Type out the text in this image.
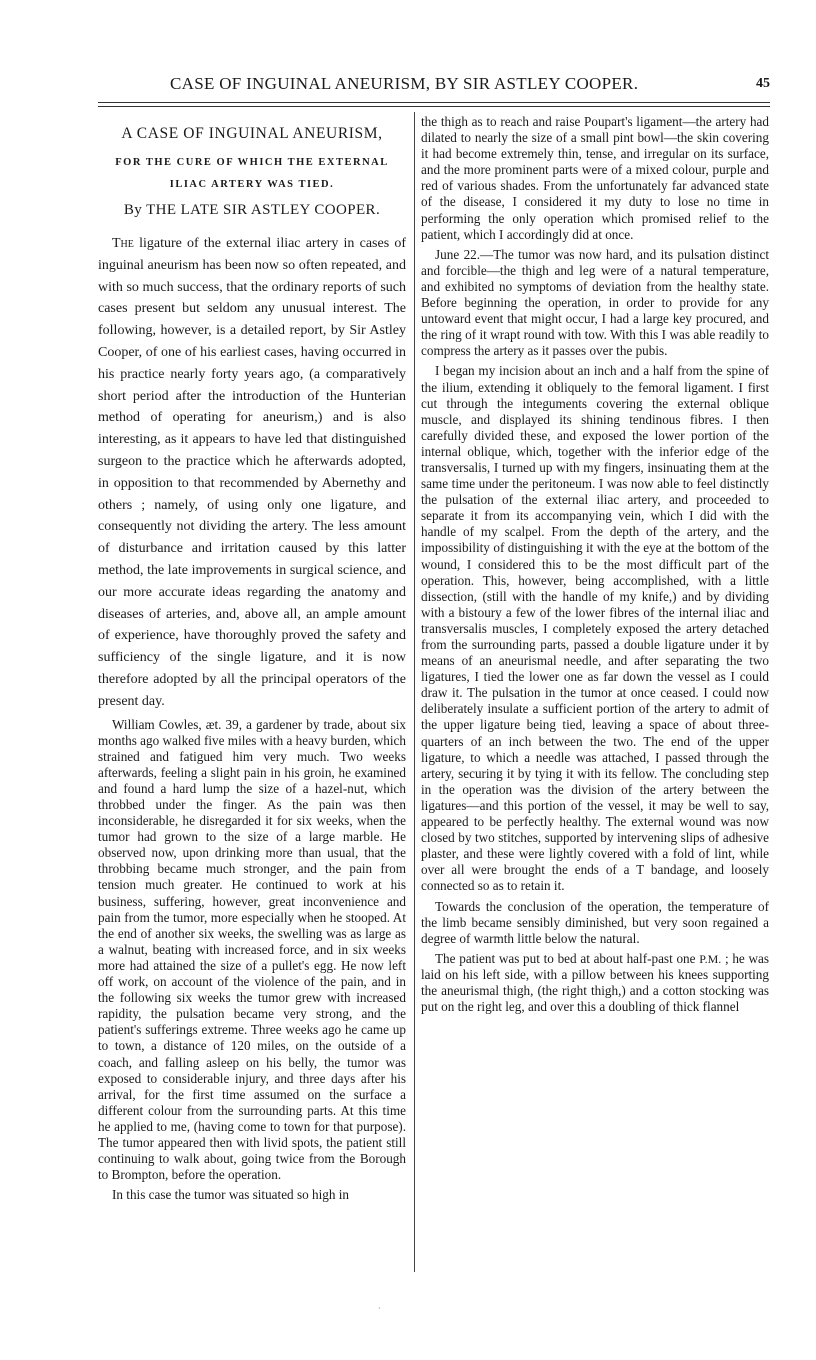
CASE OF INGUINAL ANEURISM, BY SIR ASTLEY COOPER.	45

A CASE OF INGUINAL ANEURISM,

FOR THE CURE OF WHICH THE EXTERNAL
ILIAC ARTERY WAS TIED.

By THE LATE SIR ASTLEY COOPER.

The ligature of the external iliac artery in cases of inguinal aneurism has been now so often repeated, and with so much success, that the ordinary reports of such cases present but seldom any unusual interest. The following, however, is a detailed report, by Sir Astley Cooper, of one of his earliest cases, having occurred in his practice nearly forty years ago, (a comparatively short period after the introduction of the Hunterian method of operating for aneurism,) and is also interesting, as it appears to have led that distinguished surgeon to the practice which he afterwards adopted, in opposition to that recommended by Abernethy and others ; namely, of using only one ligature, and consequently not dividing the artery. The less amount of disturbance and irritation caused by this latter method, the late improvements in surgical science, and our more accurate ideas regarding the anatomy and diseases of arteries, and, above all, an ample amount of experience, have thoroughly proved the safety and sufficiency of the single ligature, and it is now therefore adopted by all the principal operators of the present day.

William Cowles, æt. 39, a gardener by trade, about six months ago walked five miles with a heavy burden, which strained and fatigued him very much. Two weeks afterwards, feeling a slight pain in his groin, he examined and found a hard lump the size of a hazel-nut, which throbbed under the finger. As the pain was then inconsiderable, he disregarded it for six weeks, when the tumor had grown to the size of a large marble. He observed now, upon drinking more than usual, that the throbbing became much stronger, and the pain from tension much greater. He continued to work at his business, suffering, however, great inconvenience and pain from the tumor, more especially when he stooped. At the end of another six weeks, the swelling was as large as a walnut, beating with increased force, and in six weeks more had attained the size of a pullet's egg. He now left off work, on account of the violence of the pain, and in the following six weeks the tumor grew with increased rapidity, the pulsation became very strong, and the patient's sufferings extreme. Three weeks ago he came up to town, a distance of 120 miles, on the outside of a coach, and falling asleep on his belly, the tumor was exposed to considerable injury, and three days after his arrival, for the first time assumed on the surface a different colour from the surrounding parts. At this time he applied to me, (having come to town for that purpose). The tumor appeared then with livid spots, the patient still continuing to walk about, going twice from the Borough to Brompton, before the operation.

In this case the tumor was situated so high in

the thigh as to reach and raise Poupart's ligament—the artery had dilated to nearly the size of a small pint bowl—the skin covering it had become extremely thin, tense, and irregular on its surface, and the more prominent parts were of a mixed colour, purple and red of various shades. From the unfortunately far advanced state of the disease, I considered it my duty to lose no time in performing the only operation which promised relief to the patient, which I accordingly did at once.

June 22.—The tumor was now hard, and its pulsation distinct and forcible—the thigh and leg were of a natural temperature, and exhibited no symptoms of deviation from the healthy state. Before beginning the operation, in order to provide for any untoward event that might occur, I had a large key procured, and the ring of it wrapt round with tow. With this I was able readily to compress the artery as it passes over the pubis.

I began my incision about an inch and a half from the spine of the ilium, extending it obliquely to the femoral ligament. I first cut through the integuments covering the external oblique muscle, and displayed its shining tendinous fibres. I then carefully divided these, and exposed the lower portion of the internal oblique, which, together with the inferior edge of the transversalis, I turned up with my fingers, insinuating them at the same time under the peritoneum. I was now able to feel distinctly the pulsation of the external iliac artery, and proceeded to separate it from its accompanying vein, which I did with the handle of my scalpel. From the depth of the artery, and the impossibility of distinguishing it with the eye at the bottom of the wound, I considered this to be the most difficult part of the operation. This, however, being accomplished, with a little dissection, (still with the handle of my knife,) and by dividing with a bistoury a few of the lower fibres of the internal iliac and transversalis muscles, I completely exposed the artery detached from the surrounding parts, passed a double ligature under it by means of an aneurismal needle, and after separating the two ligatures, I tied the lower one as far down the vessel as I could draw it. The pulsation in the tumor at once ceased. I could now deliberately insulate a sufficient portion of the artery to admit of the upper ligature being tied, leaving a space of about three-quarters of an inch between the two. The end of the upper ligature, to which a needle was attached, I passed through the artery, securing it by tying it with its fellow. The concluding step in the operation was the division of the artery between the ligatures—and this portion of the vessel, it may be well to say, appeared to be perfectly healthy. The external wound was now closed by two stitches, supported by intervening slips of adhesive plaster, and these were lightly covered with a fold of lint, while over all were brought the ends of a T bandage, and loosely connected so as to retain it.

Towards the conclusion of the operation, the temperature of the limb became sensibly diminished, but very soon regained a degree of warmth little below the natural.

The patient was put to bed at about half-past one P.M. ; he was laid on his left side, with a pillow between his knees supporting the aneurismal thigh, (the right thigh,) and a cotton stocking was put on the right leg, and over this a doubling of thick flannel

·
